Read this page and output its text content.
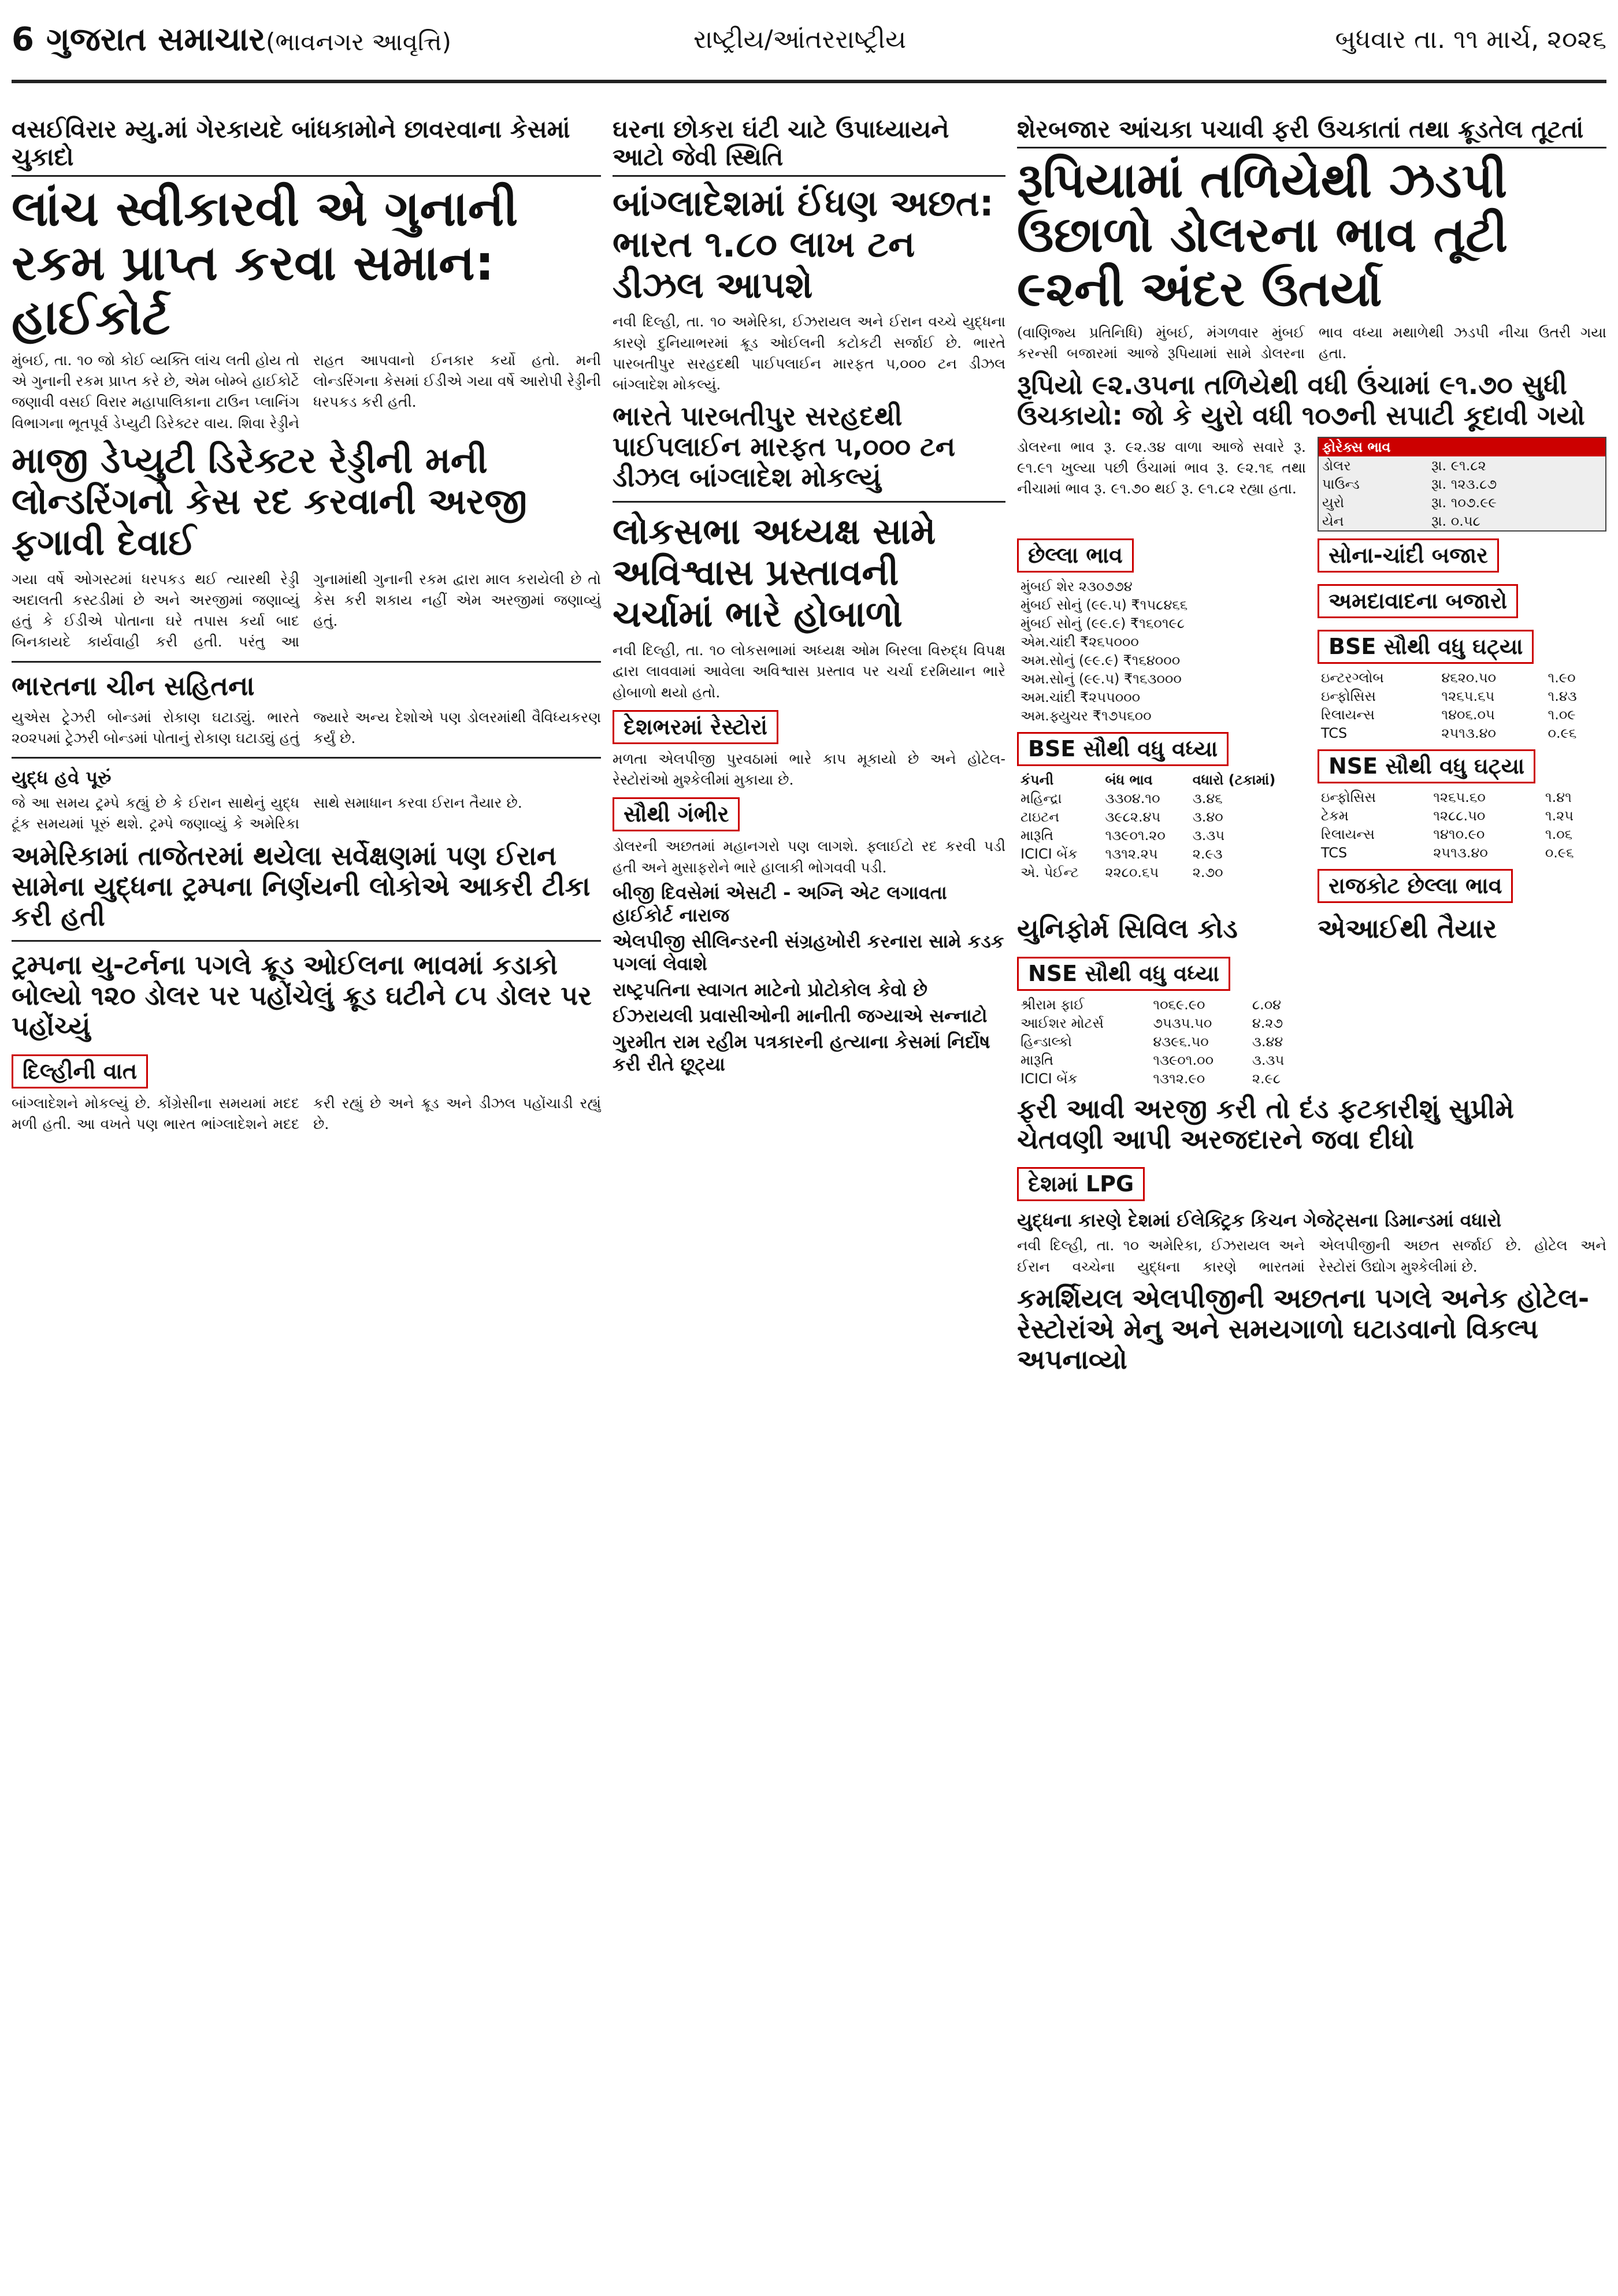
6 ગુજરાત સમાચાર (ભાવનગર આવૃત્તિ)	રાષ્ટ્રીય/આંતરરાષ્ટ્રીય	બુધવાર તા. ૧૧ માર્ચ, ૨૦૨૬
વસઈવિરાર મ્યુ.માં ગેરકાયદે બાંધકામોને છાવરવાના કેસમાં ચુકાદો
લાંચ સ્વીકારવી એ ગુનાની રકમ પ્રાપ્ત કરવા સમાન: હાઈકોર્ટ
મુંબઈ, તા. ૧૦ જો કોઈ વ્યક્તિ લાંચ લતી હોય તો એ ગુનાની રકમ પ્રાપ્ત કરે છે, એમ બોમ્બે હાઈકોર્ટે જણાવી વસઈ વિરાર મહાપાલિકાના ટાઉન પ્લાનિંગ વિભાગના ભૂતપૂર્વ ડેપ્યુટી ડિરેક્ટર વાય. શિવા રેડ્ડીને રાહત આપવાનો ઈનકાર કર્યો હતો. મની લોન્ડરિંગના કેસમાં ઈડીએ ગયા વર્ષે આરોપી રેડ્ડીની ધરપકડ કરી હતી.
માજી ડેપ્યુટી ડિરેક્ટર રેડ્ડીની મની લોન્ડરિંગનો કેસ રદ કરવાની અરજી ફગાવી દેવાઈ
ગયા વર્ષે ઓગસ્ટમાં ધરપકડ થઈ ત્યારથી રેડ્ડી અદાલતી કસ્ટડીમાં છે અને અરજીમાં જણાવ્યું હતું કે ઈડીએ પોતાના ઘરે તપાસ કર્યા બાદ બિનકાયદે કાર્યવાહી કરી હતી. પરંતુ આ ગુનામાંથી ગુનાની રકમ દ્વારા માલ કરાયેલી છે તો કેસ કરી શકાય નહીં એમ અરજીમાં જણાવ્યું હતું.
ભારતના ચીન સહિતના
યુએસ ટ્રેઝરી બોન્ડમાં રોકાણ ઘટાડ્યું. ભારતે ૨૦૨૫માં ટ્રેઝરી બોન્ડમાં પોતાનું રોકાણ ઘટાડ્યું હતું જ્યારે અન્ય દેશોએ પણ ડોલરમાંથી વૈવિધ્યકરણ કર્યું છે.
યુદ્ધ હવે પૂરું
જે આ સમય ટ્રમ્પે કહ્યું છે કે ઈરાન સાથેનું યુદ્ધ ટૂંક સમયમાં પૂરું થશે. ટ્રમ્પે જણાવ્યું કે અમેરિકા સાથે સમાધાન કરવા ઈરાન તૈયાર છે.
અમેરિકામાં તાજેતરમાં થયેલા સર્વેક્ષણમાં પણ ઈરાન સામેના યુદ્ધના ટ્રમ્પના નિર્ણયની લોકોએ આકરી ટીકા કરી હતી
ટ્રમ્પના યુ-ટર્નના પગલે ક્રૂડ ઓઈલના ભાવમાં કડાકો બોલ્યો ૧૨૦ ડોલર પર પહોંચેલું ક્રૂડ ઘટીને ૮૫ ડોલર પર પહોંચ્યું
દિલ્હીની વાત
બાંગ્લાદેશને મોકલ્યું છે. કોંગ્રેસીના સમયમાં મદદ મળી હતી. આ વખતે પણ ભારત ભાંગ્લાદેશને મદદ કરી રહ્યું છે અને ક્રૂડ અને ડીઝલ પહોંચાડી રહ્યું છે.
ઘરના છોકરા ઘંટી ચાટે ઉપાધ્યાયને આટો જેવી સ્થિતિ
બાંગ્લાદેશમાં ઈંધણ અછત: ભારત ૧.૮૦ લાખ ટન ડીઝલ આપશે
નવી દિલ્હી, તા. ૧૦ અમેરિકા, ઈઝરાયલ અને ઈરાન વચ્ચે યુદ્ધના કારણે દુનિયાભરમાં ક્રૂડ ઓઈલની કટોકટી સર્જાઈ છે. ભારતે પારબતીપુર સરહદથી પાઈપલાઈન મારફત ૫,૦૦૦ ટન ડીઝલ બાંગ્લાદેશ મોકલ્યું.
ભારતે પારબતીપુર સરહદથી પાઈપલાઈન મારફત ૫,૦૦૦ ટન ડીઝલ બાંગ્લાદેશ મોકલ્યું
લોકસભા અધ્યક્ષ સામે અવિશ્વાસ પ્રસ્તાવની ચર્ચામાં ભારે હોબાળો
નવી દિલ્હી, તા. ૧૦ લોકસભામાં અધ્યક્ષ ઓમ બિરલા વિરુદ્ધ વિપક્ષ દ્વારા લાવવામાં આવેલા અવિશ્વાસ પ્રસ્તાવ પર ચર્ચા દરમિયાન ભારે હોબાળો થયો હતો.
દેશભરમાં રેસ્ટોરાં
મળતા એલપીજી પુરવઠામાં ભારે કાપ મૂકાયો છે અને હોટેલ-રેસ્ટોરાંઓ મુશ્કેલીમાં મુકાયા છે.
સૌથી ગંભીર
ડોલરની અછતમાં મહાનગરો પણ લાગશે. ફ્લાઈટો રદ કરવી પડી હતી અને મુસાફરોને ભારે હાલાકી ભોગવવી પડી.
બીજી દિવસેમાં એસટી - અગ્નિ એટ લગાવતા હાઈકોર્ટ નારાજ
એલપીજી સીલિન્ડરની સંગ્રહખોરી કરનારા સામે કડક પગલાં લેવાશે
રાષ્ટ્રપતિના સ્વાગત માટેનો પ્રોટોકોલ કેવો છે
ઈઝરાયલી પ્રવાસીઓની માનીતી જગ્યાએ સન્નાટો
ગુરમીત રામ રહીમ પત્રકારની હત્યાના કેસમાં નિર્દોષ કરી રીતે છૂટ્યા
શેરબજાર આંચકા પચાવી ફરી ઉંચકાતાં તથા ક્રૂડતેલ તૂટતાં
રૂપિયામાં તળિયેથી ઝડપી ઉછાળો ડોલરના ભાવ તૂટી ૯૨ની અંદર ઉતર્યા
(વાણિજ્ય પ્રતિનિધિ) મુંબઈ, મંગળવાર મુંબઈ કરન્સી બજારમાં આજે રૂપિયામાં સામે ડોલરના ભાવ વધ્યા મથાળેથી ઝડપી નીચા ઉતરી ગયા હતા.
રૂપિયો ૯૨.૩૫ના તળિયેથી વધી ઉંચામાં ૯૧.૭૦ સુધી ઉંચકાયો: જો કે યુરો વધી ૧૦૭ની સપાટી કૂદાવી ગયો
ડોલરના ભાવ રૂ. ૯૨.૩૪ વાળા આજે સવારે રૂ. ૯૧.૯૧ ખુલ્યા પછી ઉંચામાં ભાવ રૂ. ૯૨.૧૬ તથા નીચામાં ભાવ રૂ. ૯૧.૭૦ થઈ રૂ. ૯૧.૮૨ રહ્યા હતા.
ફોરેક્સ ભાવ	
ડોલર	રૂા. ૯૧.૮૨
પાઉન્ડ	રૂા. ૧૨૩.૮૭
યુરો	રૂા. ૧૦૭.૯૯
યેન	રૂા. ૦.૫૮
છેલ્લા ભાવ
મુંબઈ શેર ૨૩૦૭૭૪
મુંબઈ સોનું (૯૯.૫) ₹૧૫૮૪૬૬
મુંબઈ સોનું (૯૯.૯) ₹૧૬૦૧૯૮
એમ.ચાંદી ₹૨૬૫૦૦૦
અમ.સોનું (૯૯.૯) ₹૧૬૪૦૦૦
અમ.સોનું (૯૯.૫) ₹૧૬૩૦૦૦
અમ.ચાંદી ₹૨૫૫૦૦૦
અમ.ફ્યુચર ₹૧૭૫૬૦૦
BSE સૌથી વધુ વધ્યા
કંપની	બંધ ભાવ	વધારો (ટકામાં)
મહિન્દ્રા	૩૩૦૪.૧૦	૩.૪૬
ટાઇટન	૩૯૮૨.૪૫	૩.૪૦
મારૂતિ	૧૩૯૦૧.૨૦	૩.૩૫
ICICI બેંક	૧૩૧૨.૨૫	૨.૯૩
એ. પેઈન્ટ	૨૨૮૦.૬૫	૨.૭૦
સોના-ચાંદી બજાર અમદાવાદના બજારો BSE સૌથી વધુ ઘટ્યા
ઇન્ટરગ્લોબ	૪૬૨૦.૫૦	૧.૯૦
ઇન્ફોસિસ	૧૨૬૫.૬૫	૧.૪૩
રિલાયન્સ	૧૪૦૬.૦૫	૧.૦૯
TCS	૨૫૧૩.૪૦	૦.૯૬
NSE સૌથી વધુ ઘટ્યા
ઇન્ફોસિસ	૧૨૬૫.૬૦	૧.૪૧
ટેકમ	૧૨૮૮.૫૦	૧.૨૫
રિલાયન્સ	૧૪૧૦.૯૦	૧.૦૬
TCS	૨૫૧૩.૪૦	૦.૯૬
રાજકોટ છેલ્લા ભાવ
યુનિફોર્મ સિવિલ કોડ
NSE સૌથી વધુ વધ્યા
શ્રીરામ ફાઈ	૧૦૬૯.૯૦	૮.૦૪
આઈશર મોટર્સ	૭૫૩૫.૫૦	૪.૨૭
હિન્ડાલ્કો	૪૩૯૬.૫૦	૩.૪૪
મારૂતિ	૧૩૯૦૧.૦૦	૩.૩૫
ICICI બેંક	૧૩૧૨.૯૦	૨.૯૮
એઆઈથી તૈયાર
ફરી આવી અરજી કરી તો દંડ ફટકારીશું સુપ્રીમે ચેતવણી આપી અરજદારને જવા દીધો
દેશમાં LPG
યુદ્ધના કારણે દેશમાં ઈલેક્ટ્રિક કિચન ગેજેટ્સના ડિમાન્ડમાં વધારો
નવી દિલ્હી, તા. ૧૦ અમેરિકા, ઈઝરાયલ અને ઈરાન વચ્ચેના યુદ્ધના કારણે ભારતમાં એલપીજીની અછત સર્જાઈ છે. હોટેલ અને રેસ્ટોરાં ઉદ્યોગ મુશ્કેલીમાં છે.
કમર્શિયલ એલપીજીની અછતના પગલે અનેક હોટેલ-રેસ્ટોરાંએ મેનુ અને સમયગાળો ઘટાડવાનો વિકલ્પ અપનાવ્યો
